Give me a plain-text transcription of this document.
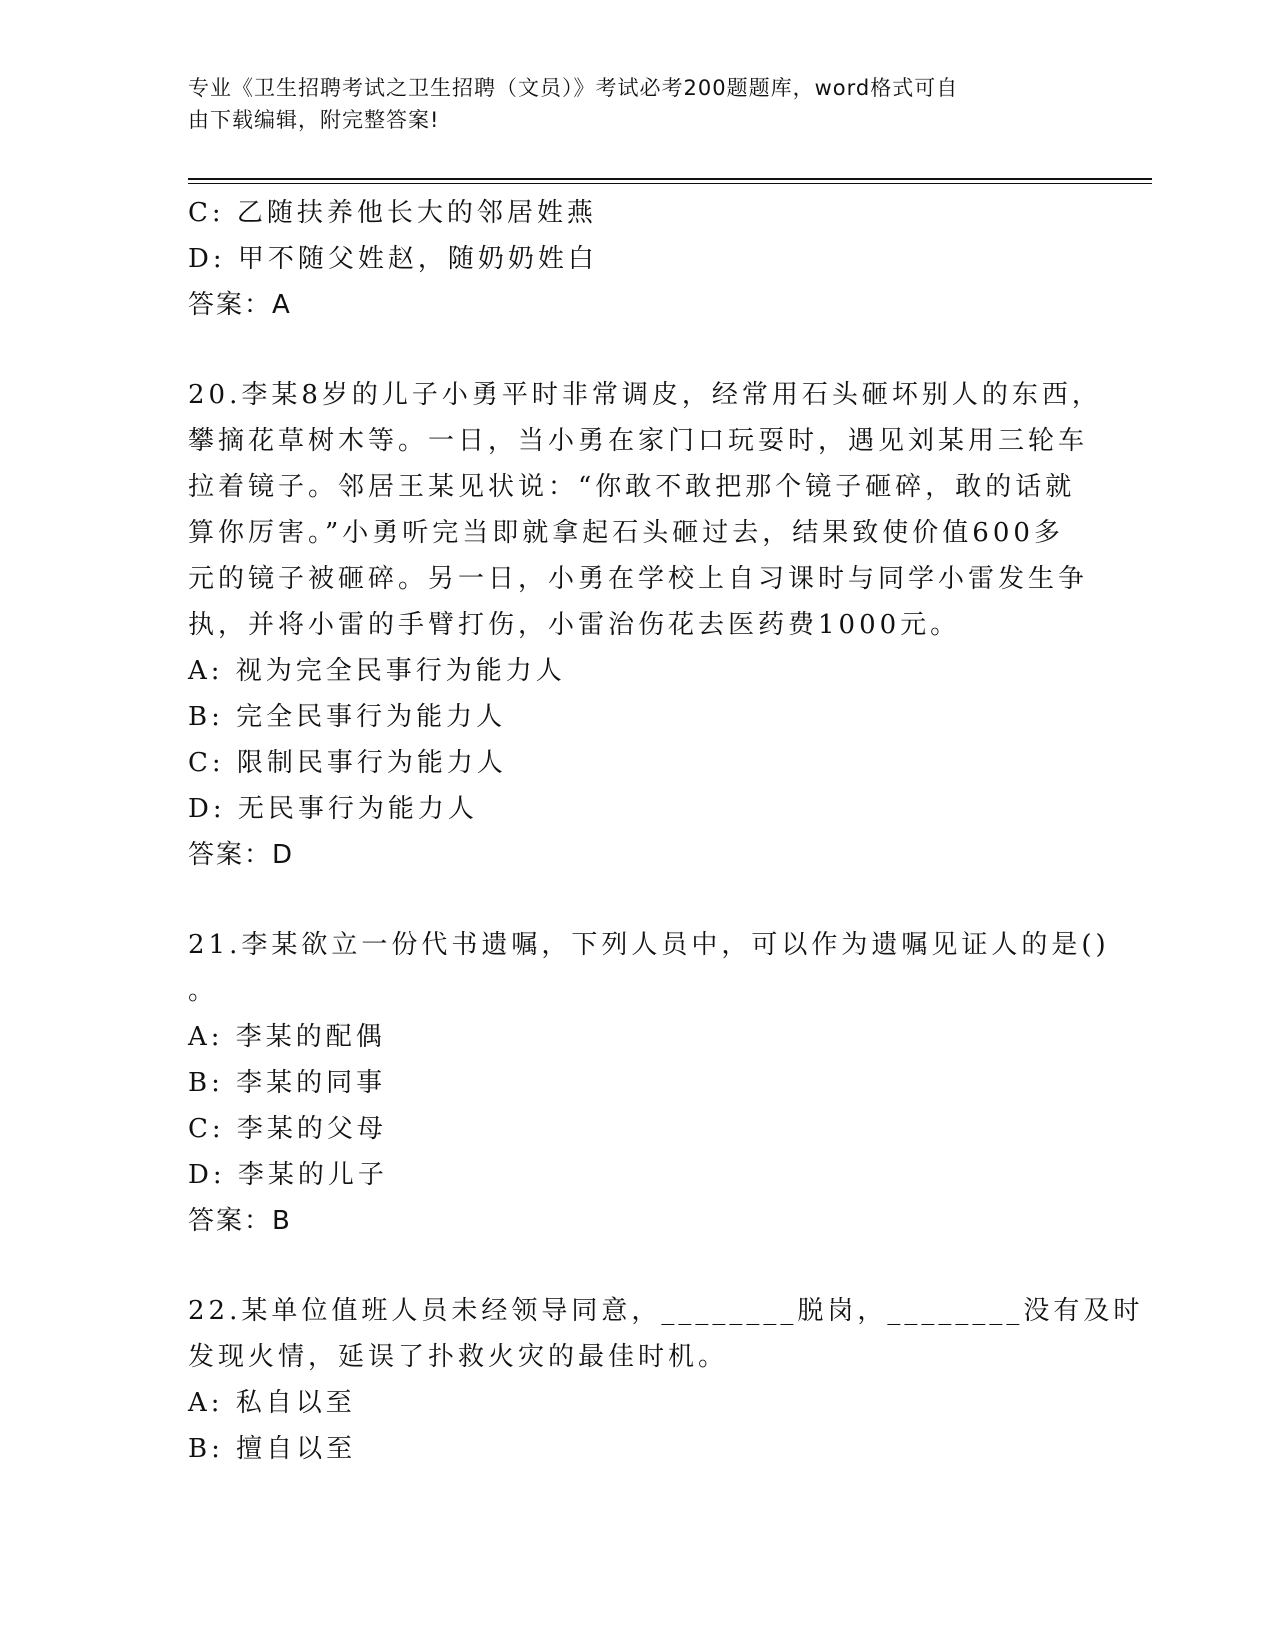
专业《卫生招聘考试之卫生招聘（文员）》考试必考200题题库，word格式可自
由下载编辑，附完整答案!
C: 乙随扶养他长大的邻居姓燕
D: 甲不随父姓赵，随奶奶姓白
答案：A
20.李某8岁的儿子小勇平时非常调皮，经常用石头砸坏别人的东西，
攀摘花草树木等。一日，当小勇在家门口玩耍时，遇见刘某用三轮车
拉着镜子。邻居王某见状说：“你敢不敢把那个镜子砸碎，敢的话就
算你厉害。”小勇听完当即就拿起石头砸过去，结果致使价值600多
元的镜子被砸碎。另一日，小勇在学校上自习课时与同学小雷发生争
执，并将小雷的手臂打伤，小雷治伤花去医药费1000元。
A: 视为完全民事行为能力人
B: 完全民事行为能力人
C: 限制民事行为能力人
D: 无民事行为能力人
答案：D
21.李某欲立一份代书遗嘱，下列人员中，可以作为遗嘱见证人的是()
。
A: 李某的配偶
B: 李某的同事
C: 李某的父母
D: 李某的儿子
答案：B
22.某单位值班人员未经领导同意，________脱岗，________没有及时
发现火情，延误了扑救火灾的最佳时机。
A: 私自以至
B: 擅自以至
